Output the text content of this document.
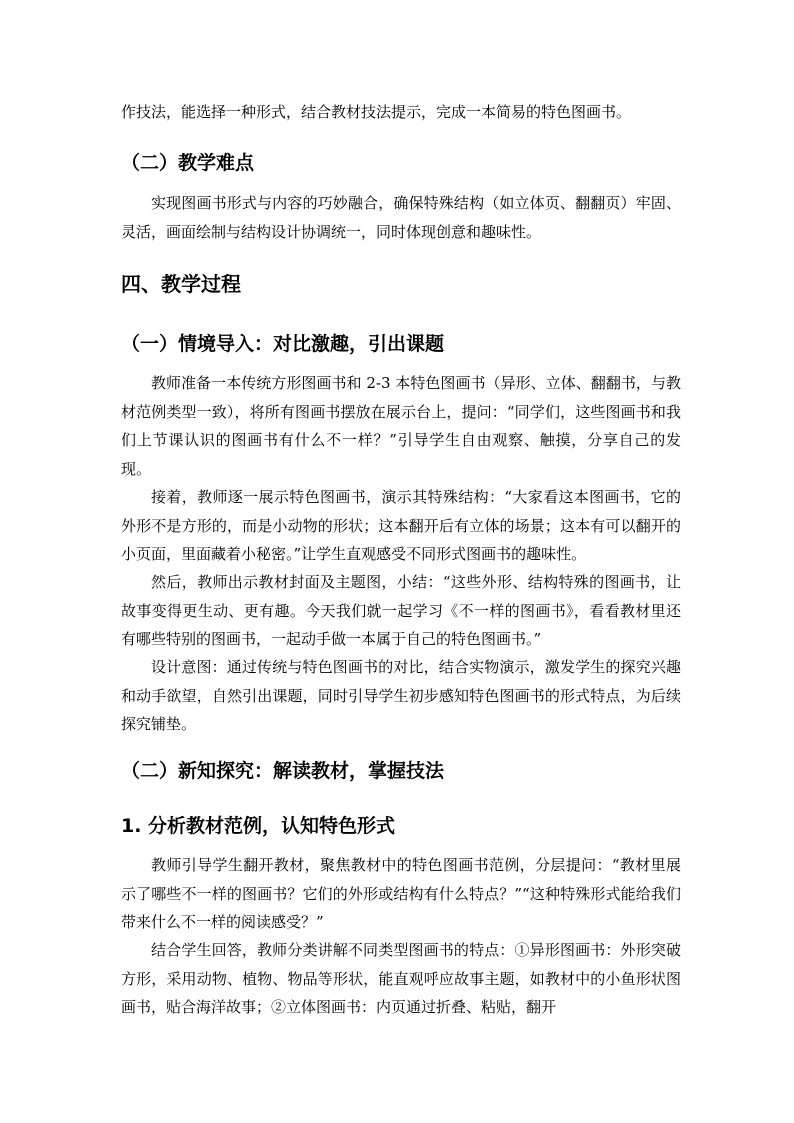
作技法，能选择一种形式，结合教材技法提示，完成一本简易的特色图画书。

（二）教学难点

实现图画书形式与内容的巧妙融合，确保特殊结构（如立体页、翻翻页）牢固、灵活，画面绘制与结构设计协调统一，同时体现创意和趣味性。

四、教学过程
（一）情境导入：对比激趣，引出课题

教师准备一本传统方形图画书和 2-3 本特色图画书（异形、立体、翻翻书，与教材范例类型一致），将所有图画书摆放在展示台上，提问：“同学们，这些图画书和我们上节课认识的图画书有什么不一样？”引导学生自由观察、触摸，分享自己的发现。

接着，教师逐一展示特色图画书，演示其特殊结构：“大家看这本图画书，它的外形不是方形的，而是小动物的形状；这本翻开后有立体的场景；这本有可以翻开的小页面，里面藏着小秘密。”让学生直观感受不同形式图画书的趣味性。

然后，教师出示教材封面及主题图，小结：“这些外形、结构特殊的图画书，让故事变得更生动、更有趣。今天我们就一起学习《不一样的图画书》，看看教材里还有哪些特别的图画书，一起动手做一本属于自己的特色图画书。”

设计意图：通过传统与特色图画书的对比，结合实物演示，激发学生的探究兴趣和动手欲望，自然引出课题，同时引导学生初步感知特色图画书的形式特点，为后续探究铺垫。

（二）新知探究：解读教材，掌握技法
1. 分析教材范例，认知特色形式

教师引导学生翻开教材，聚焦教材中的特色图画书范例，分层提问：“教材里展示了哪些不一样的图画书？它们的外形或结构有什么特点？”“这种特殊形式能给我们带来什么不一样的阅读感受？”

结合学生回答，教师分类讲解不同类型图画书的特点：①异形图画书：外形突破方形，采用动物、植物、物品等形状，能直观呼应故事主题，如教材中的小鱼形状图画书，贴合海洋故事；②立体图画书：内页通过折叠、粘贴，翻开
